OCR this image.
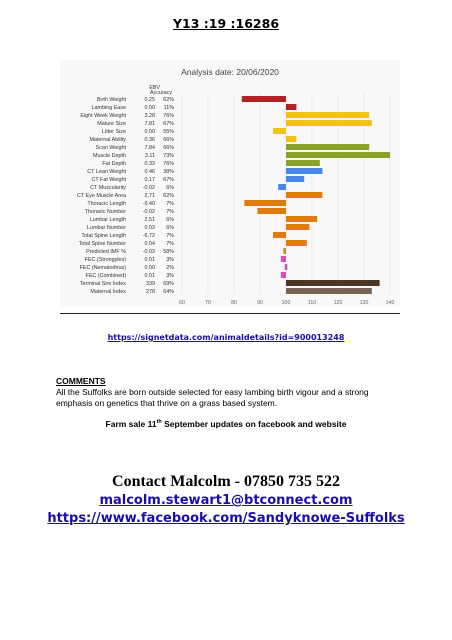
Y13 :19 :16286
Analysis date: 20/06/2020
60	70	80	90	100	110	120	130	140
EBV
Accuracy
Birth Weight	0.25 62%
Lambing Ease	0.00 11%
Eight Week Weight	3.28 76%
Mature Size	7.81 67%
Litter Size	0.00 55%
Maternal Ability	0.36 66%
Scan Weight	7.84 66%
Muscle Depth	3.11 73%
Fat Depth	0.33 76%
CT Lean Weight	0.46 38%
CT Fat Weight	0.17 67%
CT Muscularity	-0.02 6%
CT Eye Muscle Area	2.71 62%
Thoracic Length	-9.40 7%
Thoracic Number	-0.02 7%
Lumbar Length	2.51 6%
Lumbar Number	0.03 6%
Total Spine Length	-6.72 7%
Total Spine Number	0.04 7%
Predicted IMF %	-0.03 58%
FEC (Strongyles)	0.01 3%
FEC (Nematodirus)	0.00 2%
FEC (Combined)	0.01 3%
Terminal Sire Index	339 69%
Maternal Index	278 64%
https://signetdata.com/animaldetails?id=900013248
COMMENTS
All the Suffolks are born outside selected for easy lambing birth vigour and a strong emphasis on genetics that thrive on a grass based system.
Farm sale 11th September updates on facebook and website
Contact Malcolm - 07850 735 522
malcolm.stewart1@btconnect.com
https://www.facebook.com/Sandyknowe-Suffolks
